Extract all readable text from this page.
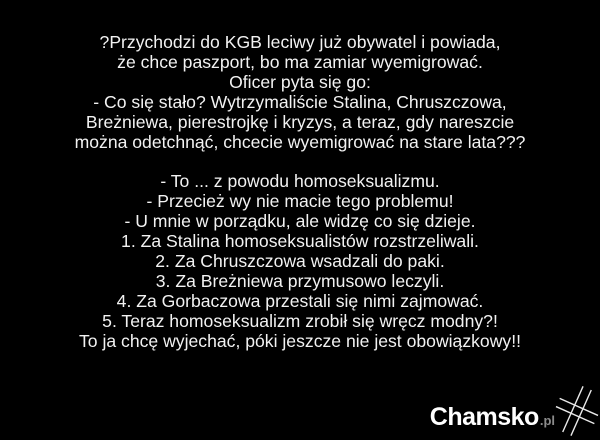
?Przychodzi do KGB leciwy już obywatel i powiada,
że chce paszport, bo ma zamiar wyemigrować.
Oficer pyta się go:
- Co się stało? Wytrzymaliście Stalina, Chruszczowa,
Breżniewa, pierestrojkę i kryzys, a teraz, gdy nareszcie
można odetchnąć, chcecie wyemigrować na stare lata???
- To ... z powodu homoseksualizmu.
- Przecież wy nie macie tego problemu!
- U mnie w porządku, ale widzę co się dzieje.
1. Za Stalina homoseksualistów rozstrzeliwali.
2. Za Chruszczowa wsadzali do paki.
3. Za Breżniewa przymusowo leczyli.
4. Za Gorbaczowa przestali się nimi zajmować.
5. Teraz homoseksualizm zrobił się wręcz modny?!
To ja chcę wyjechać, póki jeszcze nie jest obowiązkowy!!
Chamsko .pl
